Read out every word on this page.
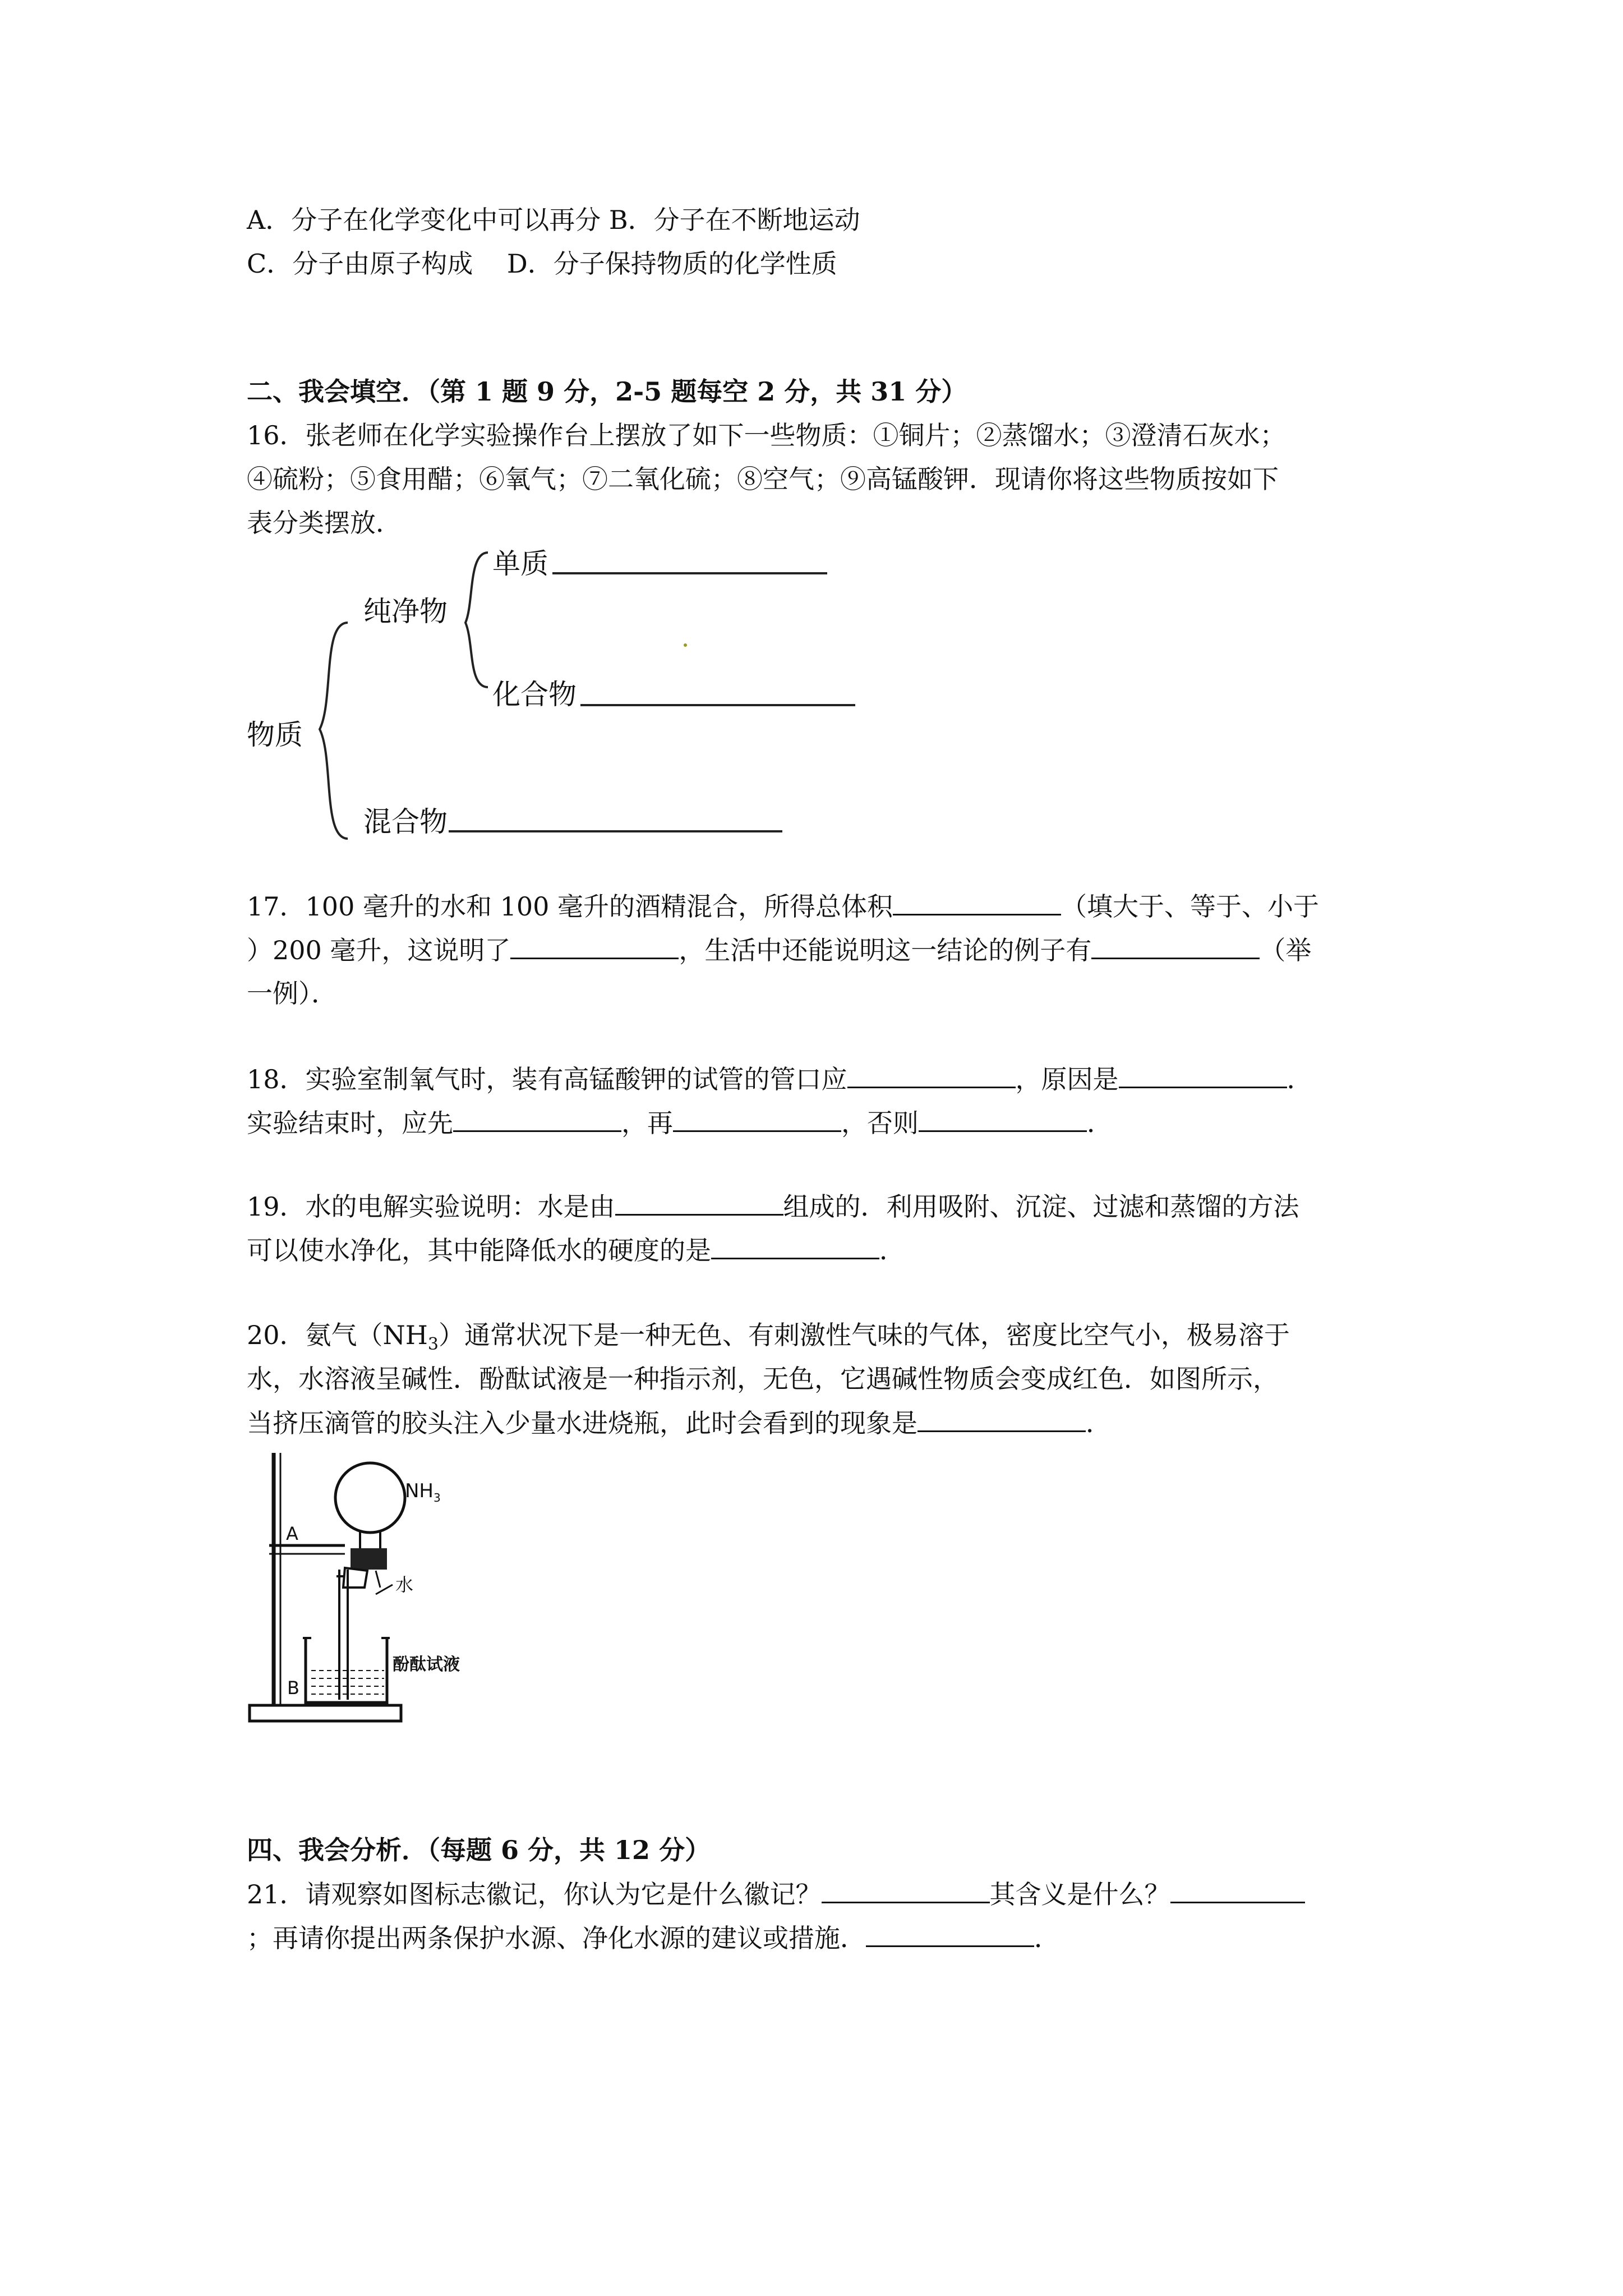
A．分子在化学变化中可以再分 B．分子在不断地运动
C．分子由原子构成　 D．分子保持物质的化学性质
二、我会填空．（第 1 题 9 分，2-5 题每空 2 分，共 31 分）
16．张老师在化学实验操作台上摆放了如下一些物质：①铜片；②蒸馏水；③澄清石灰水；
④硫粉；⑤食用醋；⑥氧气；⑦二氧化硫；⑧空气；⑨高锰酸钾．现请你将这些物质按如下
表分类摆放．
物质
纯净物
单质
化合物
混合物
17．100 毫升的水和 100 毫升的酒精混合，所得总体积	（填大于、等于、小于
）200 毫升，这说明了	，生活中还能说明这一结论的例子有	（举
一例）．
18．实验室制氧气时，装有高锰酸钾的试管的管口应	，原因是	．
实验结束时，应先	，再	，否则	．
19．水的电解实验说明：水是由	组成的．利用吸附、沉淀、过滤和蒸馏的方法
可以使水净化，其中能降低水的硬度的是	．
20．氨气$(NH_3)$通常状况下是一种无色、有刺激性气味的气体，密度比空气小，极易溶于
水，水溶液呈碱性．酚酞试液是一种指示剂，无色，它遇碱性物质会变成红色．如图所示，
当挤压滴管的胶头注入少量水进烧瓶，此时会看到的现象是	．
$NH_3$
A
B
水
酚酞试液
四、我会分析．（每题 6 分，共 12 分）
21．请观察如图标志徽记，你认为它是什么徽记？	其含义是什么？
；再请你提出两条保护水源、净化水源的建议或措施．	．
